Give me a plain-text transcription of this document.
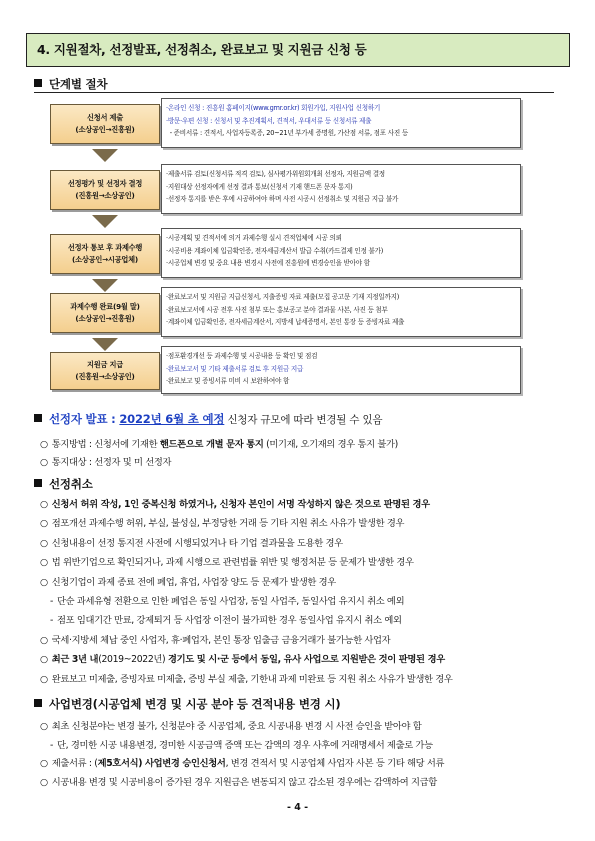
4. 지원절차, 선정발표, 선정취소, 완료보고 및 지원금 신청 등
단계별 절차
신청서 제출
(소상공인→진흥원)
·온라인 신청 : 진흥원 홈페이지(www.gmr.or.kr) 회원가입, 지원사업 신청하기
·방문·우편 신청 : 신청서 및 추진계획서, 견적서, 우대서류 등 신청서류 제출
- 준비서류 : 견적서, 사업자등록증, 20~21년 부가세 증명원, 가산점 서류, 점포 사진 등
선정평가 및 선정자 결정
(진흥원→소상공인)
·제출서류 검토(신청서류 적격 검토), 심사평가위원회개최 선정자, 지원금액 결정
·지원대상 선정자에게 선정 결과 통보(신청서 기재 핸드폰 문자 통지)
·선정자 통지를 받은 후에 시공하여야 하며 사전 시공시 선정취소 및 지원금 지급 불가
선정자 통보 후 과제수행
(소상공인→시공업체)
·시공계획 및 견적서에 의거 과제수행 실시 견적업체에 시공 의뢰
·시공비용 계좌이체 입금확인증, 전자세금계산서 발급 수취(카드결제 인정 불가)
·시공업체 변경 및 중요 내용 변경시 사전에 진흥원에 변경승인을 받아야 함
과제수행 완료(9월 말)
(소상공인→진흥원)
·완료보고서 및 지원금 지급신청서, 지출증빙 자료 제출(모집 공고문 기재 지정일까지)
·완료보고서에 시공 전후 사진 첨부 또는 홍보공고 분야 결과물 사본, 사진 등 첨부
·계좌이체 입금확인증, 전자세금계산서, 지방세 납세증명서, 본인 통장 등 증빙자료 제출
지원금 지급
(진흥원→소상공인)
·점포환경개선 등 과제수행 및 시공내용 등 확인 및 점검
·완료보고서 및 기타 제출서류 검토 후 지원금 지급
·완료보고 및 증빙서류 미비 시 보완하여야 함
선정자 발표 : 2022년 6월 초 예정 신청자 규모에 따라 변경될 수 있음
○ 통지방법 : 신청서에 기재한 핸드폰으로 개별 문자 통지 (미기재, 오기재의 경우 통지 불가)
○ 통지대상 : 선정자 및 미 선정자
선정취소
○ 신청서 허위 작성, 1인 중복신청 하였거나, 신청자 본인이 서명 작성하지 않은 것으로 판명된 경우
○ 점포개선 과제수행 허위, 부실, 불성실, 부정당한 거래 등 기타 지원 취소 사유가 발생한 경우
○ 신청내용이 선정 통지전 사전에 시행되었거나 타 기업 결과물을 도용한 경우
○ 법 위반기업으로 확인되거나, 과제 시행으로 관련법률 위반 및 행정처분 등 문제가 발생한 경우
○ 신청기업이 과제 종료 전에 폐업, 휴업, 사업장 양도 등 문제가 발생한 경우
- 단순 과세유형 전환으로 인한 폐업은 동일 사업장, 동일 사업주, 동일사업 유지시 취소 예외
- 점포 임대기간 만료, 강제퇴거 등 사업장 이전이 불가피한 경우 동일사업 유지시 취소 예외
○ 국세·지방세 체납 중인 사업자, 휴·폐업자, 본인 통장 입출금 금융거래가 불가능한 사업자
○ 최근 3년 내(2019~2022년) 경기도 및 시·군 등에서 동일, 유사 사업으로 지원받은 것이 판명된 경우
○ 완료보고 미제출, 증빙자료 미제출, 증빙 부실 제출, 기한내 과제 미완료 등 지원 취소 사유가 발생한 경우
사업변경(시공업체 변경 및 시공 분야 등 견적내용 변경 시)
○ 최초 신청분야는 변경 불가, 신청분야 중 시공업체, 중요 시공내용 변경 시 사전 승인을 받아야 함
- 단, 경미한 시공 내용변경, 경미한 시공금액 증액 또는 감액의 경우 사후에 거래명세서 제출로 가능
○ 제출서류 : (제5호서식) 사업변경 승인신청서, 변경 견적서 및 시공업체 사업자 사본 등 기타 해당 서류
○ 시공내용 변경 및 시공비용이 증가된 경우 지원금은 변동되지 않고 감소된 경우에는 감액하여 지급함
- 4 -
